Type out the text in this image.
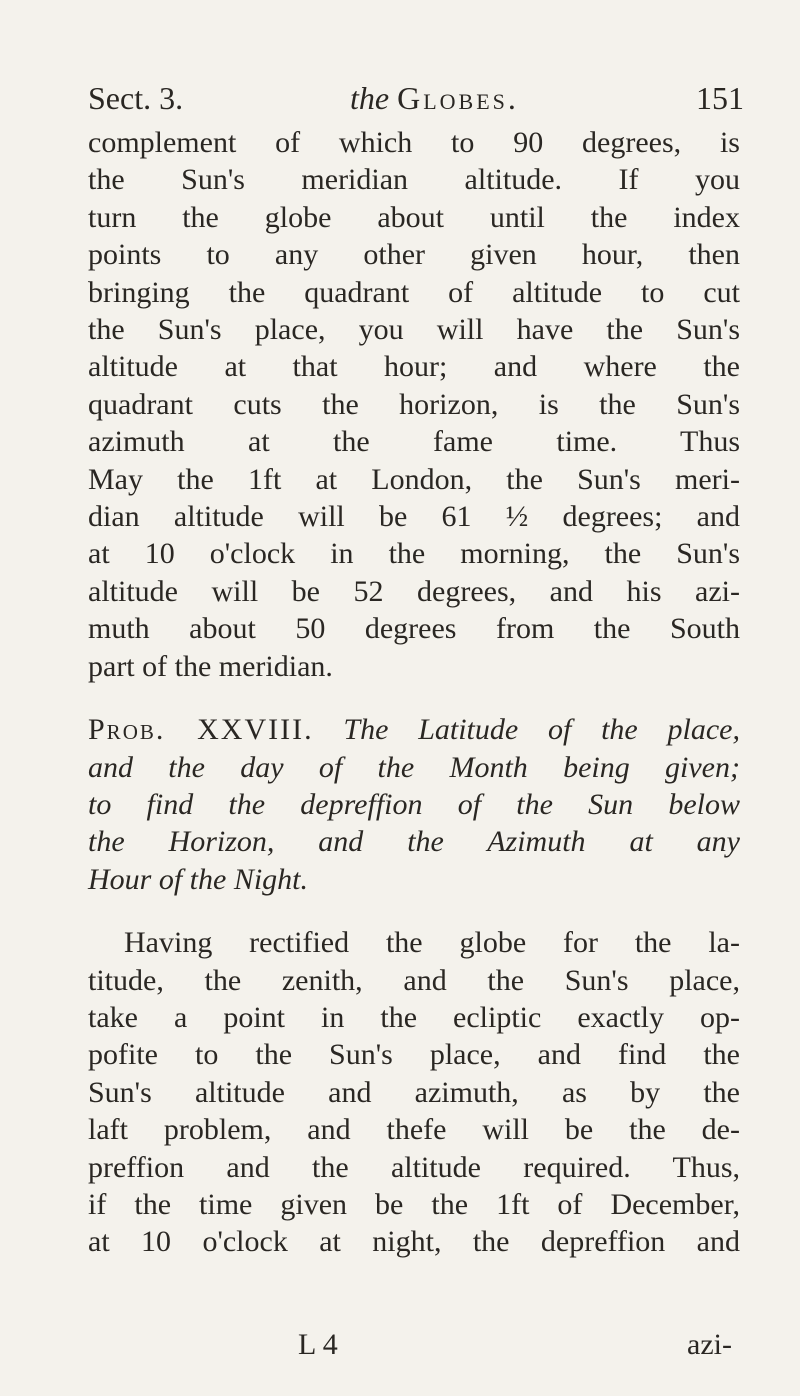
Sect. 3.	the Globes.	151

complement of which to 90 degrees, is
the Sun's meridian altitude. If you
turn the globe about until the index
points to any other given hour, then
bringing the quadrant of altitude to cut
the Sun's place, you will have the Sun's
altitude at that hour; and where the
quadrant cuts the horizon, is the Sun's
azimuth at the fame time. Thus
May the 1ft at London, the Sun's meri-
dian altitude will be 61 ½ degrees; and
at 10 o'clock in the morning, the Sun's
altitude will be 52 degrees, and his azi-
muth about 50 degrees from the South
part of the meridian.

Prob. XXVIII. The Latitude of the place,
and the day of the Month being given;
to find the depreffion of the Sun below
the Horizon, and the Azimuth at any
Hour of the Night.

Having rectified the globe for the la-
titude, the zenith, and the Sun's place,
take a point in the ecliptic exactly op-
pofite to the Sun's place, and find the
Sun's altitude and azimuth, as by the
laft problem, and thefe will be the de-
preffion and the altitude required. Thus,
if the time given be the 1ft of December,
at 10 o'clock at night, the depreffion and

L 4	azi-
